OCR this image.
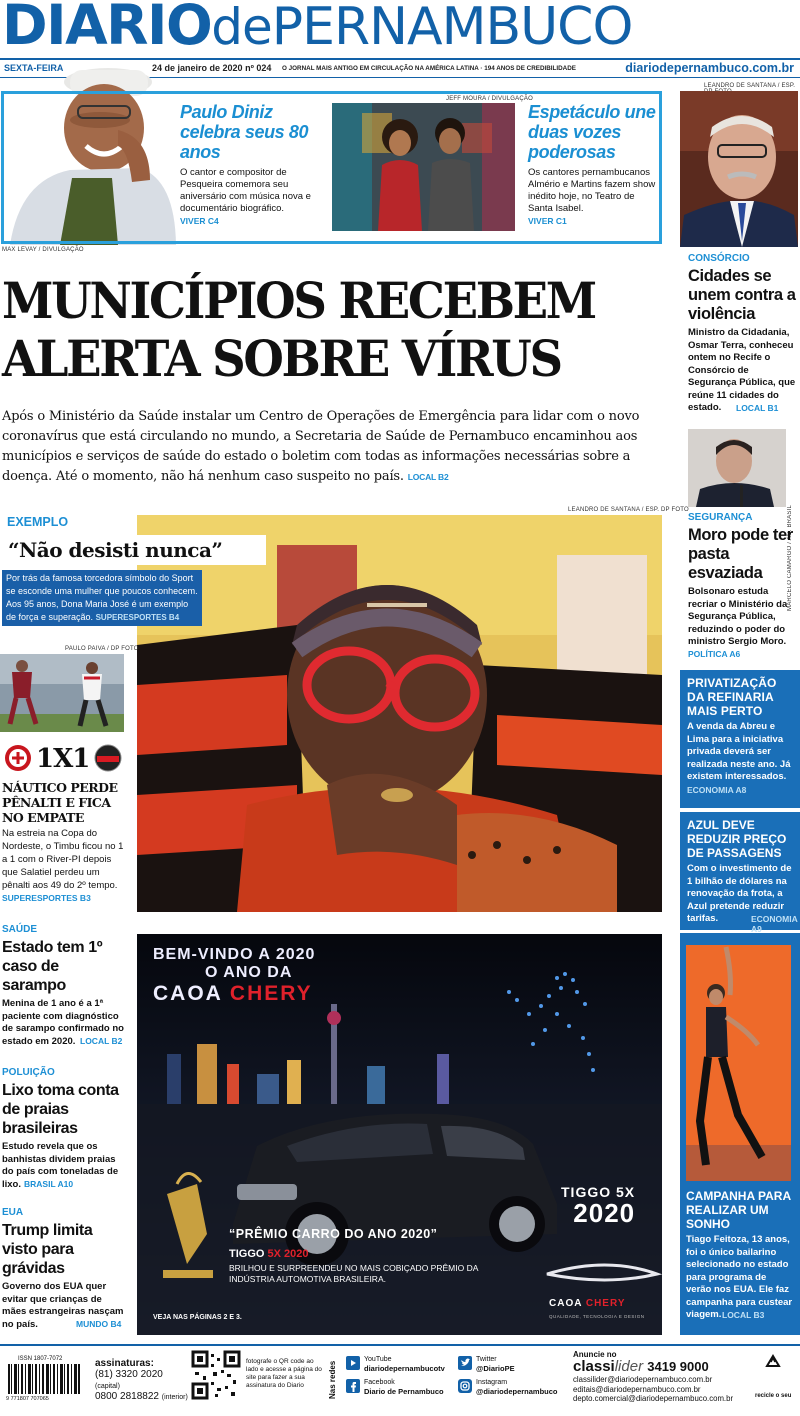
DIARIOdePERNAMBUCO
SEXTA-FEIRA	24 de janeiro de 2020 nº 024 O JORNAL MAIS ANTIGO EM CIRCULAÇÃO NA AMÉRICA LATINA · 194 ANOS DE CREDIBILIDADE	diariodepernambuco.com.br
MAX LEVAY / DIVULGAÇÃO
Paulo Diniz celebra seus 80 anos
O cantor e compositor de Pesqueira comemora seu aniversário com música nova e documentário biográfico.
VIVER C4
JEFF MOURA / DIVULGAÇÃO
Espetáculo une duas vozes poderosas
Os cantores pernambucanos Almério e Martins fazem show inédito hoje, no Teatro de Santa Isabel.
VIVER C1
LEANDRO DE SANTANA / ESP.
CONSÓRCIO
Cidades se unem contra a violência
Ministro da Cidadania, Osmar Terra, conheceu ontem no Recife o Consórcio de Segurança Pública, que reúne 11 cidades do estado.	LOCAL B1
MARCELO CAMARGO / AG. BRASIL
SEGURANÇA
Moro pode ter pasta esvaziada
Bolsonaro estuda recriar o Ministério da Segurança Pública, reduzindo o poder do ministro Sergio Moro.
POLÍTICA A6
PRIVATIZAÇÃO DA REFINARIA MAIS PERTO
A venda da Abreu e Lima para a iniciativa privada deverá ser realizada neste ano. Já existem interessados.
ECONOMIA A8
AZUL DEVE REDUZIR PREÇO DE PASSAGENS
Com o investimento de 1 bilhão de dólares na renovação da frota, a Azul pretende reduzir tarifas.	ECONOMIA A9
CAMPANHA PARA REALIZAR UM SONHO
Tiago Feitoza, 13 anos, foi o único bailarino selecionado no estado para programa de verão nos EUA. Ele faz campanha para custear viagem. LOCAL B3
MUNICÍPIOS RECEBEM
ALERTA SOBRE VÍRUS
Após o Ministério da Saúde instalar um Centro de Operações de Emergência para lidar com o novo coronavírus que está circulando no mundo, a Secretaria de Saúde de Pernambuco encaminhou aos municípios e serviços de saúde do estado o boletim com todas as informações necessárias sobre a doença. Até o momento, não há nenhum caso suspeito no país. LOCAL B2
LEANDRO DE SANTANA / ESP. DP FOTO
EXEMPLO
“Não desisti nunca”
Por trás da famosa torcedora símbolo do Sport se esconde uma mulher que poucos conhecem. Aos 95 anos, Dona Maria José é um exemplo de força e superação. SUPERESPORTES B4
PAULO PAIVA / DP FOTO
1X1
NÁUTICO PERDE PÊNALTI E FICA NO EMPATE
Na estreia na Copa do Nordeste, o Timbu ficou no 1 a 1 com o River-PI depois que Salatiel perdeu um pênalti aos 49 do 2º tempo.
SUPERESPORTES B3
SAÚDE
Estado tem 1º caso de sarampo
Menina de 1 ano é a 1ª paciente com diagnóstico de sarampo confirmado no estado em 2020. LOCAL B2
POLUIÇÃO
Lixo toma conta de praias brasileiras
Estudo revela que os banhistas dividem praias do país com toneladas de lixo. BRASIL A10
EUA
Trump limita visto para grávidas
Governo dos EUA quer evitar que crianças de mães estrangeiras nasçam no país.	MUNDO B4
BEM-VINDO A 2020
O ANO DA
CAOA CHERY
“PRÊMIO CARRO DO ANO 2020”
TIGGO 5X 2020
BRILHOU E SURPREENDEU NO MAIS COBIÇADO PRÊMIO DA INDÚSTRIA AUTOMOTIVA BRASILEIRA.
VEJA NAS PÁGINAS 2 E 3.
TIGGO 5X
2020
CAOA CHERY
QUALIDADE, TECNOLOGIA E DESIGN
ISSN 1807-7072
9 771807 707065
assinaturas:
(81) 3320 2020 (capital)
0800 2818822 (interior)
fotografe o QR code ao lado e acesse a página do site para fazer a sua assinatura do Diario	Nas redes
YouTube
diariodepernambucotv
Facebook
Diario de Pernambuco
Twitter
@DiarioPE
Instagram
@diariodepernambuco
Anuncie no
classilider 3419 9000
classilider@diariodepernambuco.com.br
editais@diariodepernambuco.com.br
depto.comercial@diariodepernambuco.com.br	recicle o seu
